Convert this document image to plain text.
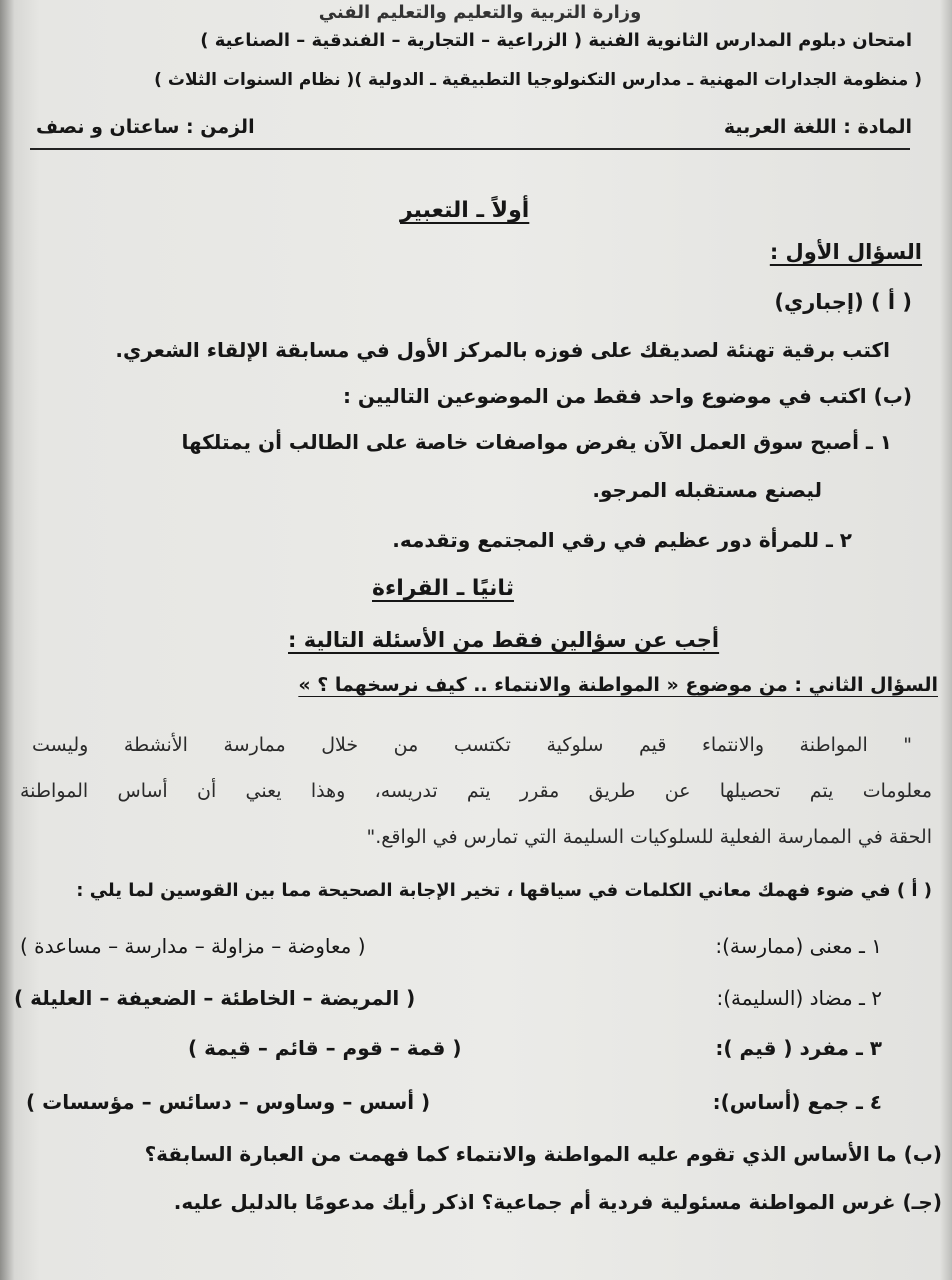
وزارة التربية والتعليم والتعليم الفني
امتحان دبلوم المدارس الثانوية الفنية ( الزراعية – التجارية – الفندقية – الصناعية )
( منظومة الجدارات المهنية ـ مدارس التكنولوجيا التطبيقية ـ الدولية )( نظام السنوات الثلاث )
المادة : اللغة العربية
الزمن : ساعتان و نصف
أولاً ـ التعبير
السؤال الأول :
( أ ) (إجباري)
اكتب برقية تهنئة لصديقك على فوزه بالمركز الأول في مسابقة الإلقاء الشعري.
(ب) اكتب في موضوع واحد فقط من الموضوعين التاليين :
١ ـ أصبح سوق العمل الآن يفرض مواصفات خاصة على الطالب أن يمتلكها
ليصنع مستقبله المرجو.
٢ ـ للمرأة دور عظيم في رقي المجتمع وتقدمه.
ثانيًا ـ القراءة
أجب عن سؤالين فقط من الأسئلة التالية :
السؤال الثاني : من موضوع « المواطنة والانتماء .. كيف نرسخهما ؟ »
" المواطنة والانتماء قيم سلوكية تكتسب من خلال ممارسة الأنشطة وليست
معلومات يتم تحصيلها عن طريق مقرر يتم تدريسه، وهذا يعني أن أساس المواطنة
الحقة في الممارسة الفعلية للسلوكيات السليمة التي تمارس في الواقع."
( أ ) في ضوء فهمك معاني الكلمات في سياقها ، تخير الإجابة الصحيحة مما بين القوسين لما يلي :
١ ـ معنى (ممارسة):
( معاوضة – مزاولة – مدارسة – مساعدة )
٢ ـ مضاد (السليمة):
( المريضة – الخاطئة – الضعيفة – العليلة )
٣ ـ مفرد ( قيم ):
( قمة – قوم – قائم – قيمة )
٤ ـ جمع (أساس):
( أسس – وساوس – دسائس – مؤسسات )
(ب) ما الأساس الذي تقوم عليه المواطنة والانتماء كما فهمت من العبارة السابقة؟
(جـ) غرس المواطنة مسئولية فردية أم جماعية؟ اذكر رأيك مدعومًا بالدليل عليه.
